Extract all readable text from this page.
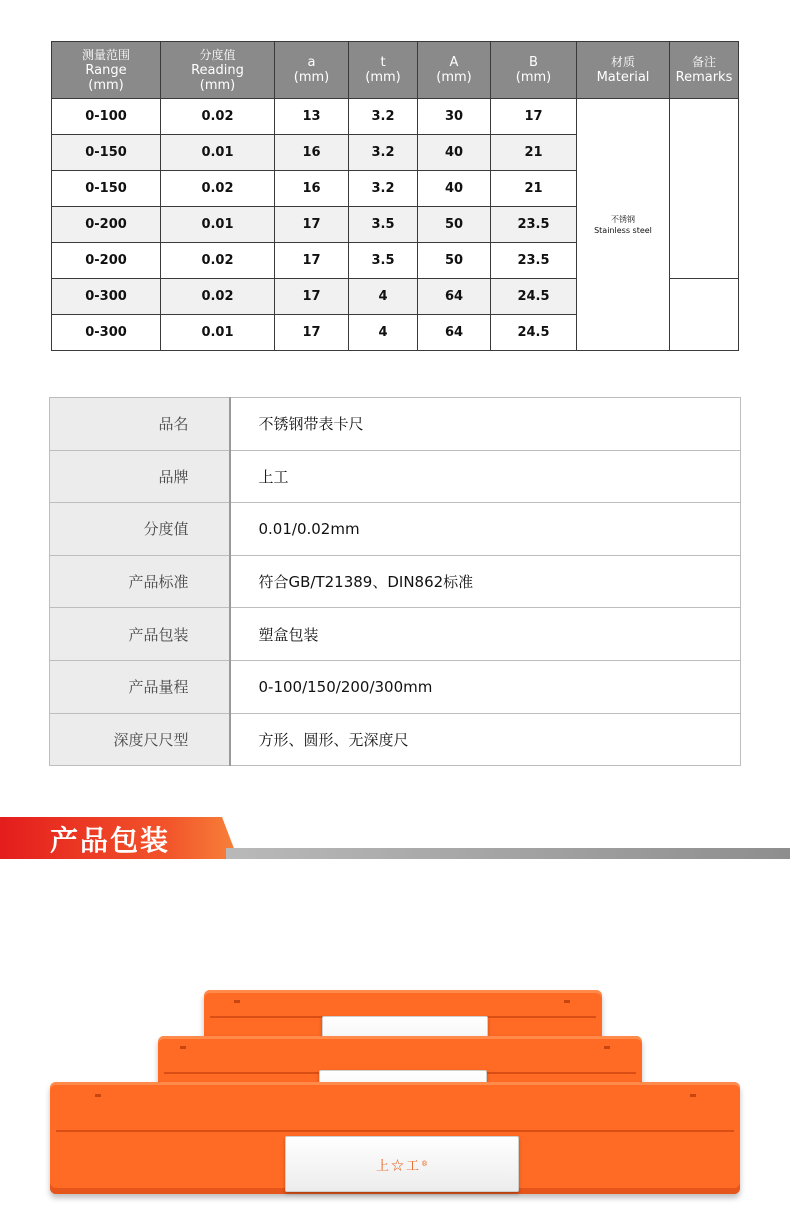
测量范围
Range
(mm)	分度值
Reading
(mm)	a
(mm)	t
(mm)	A
(mm)	B
(mm)	材质
Material	备注
Remarks

0-100	0.02	13	3.2	30	17	不锈钢
Stainless steel	

0-150	0.01	16	3.2	40	21		
0-150	0.02	16	3.2	40	21		
0-200	0.01	17	3.5	50	23.5		
0-200	0.02	17	3.5	50	23.5		
0-300	0.02	17	4	64	24.5		
0-300	0.01	17	4	64	24.5		
品名	不锈钢带表卡尺
品牌	上工
分度值	0.01/0.02mm
产品标准	符合GB/T21389、DIN862标准
产品包装	塑盒包装
产品量程	0-100/150/200/300mm
深度尺尺型	方形、圆形、无深度尺
产品包装
上☆工 ®
